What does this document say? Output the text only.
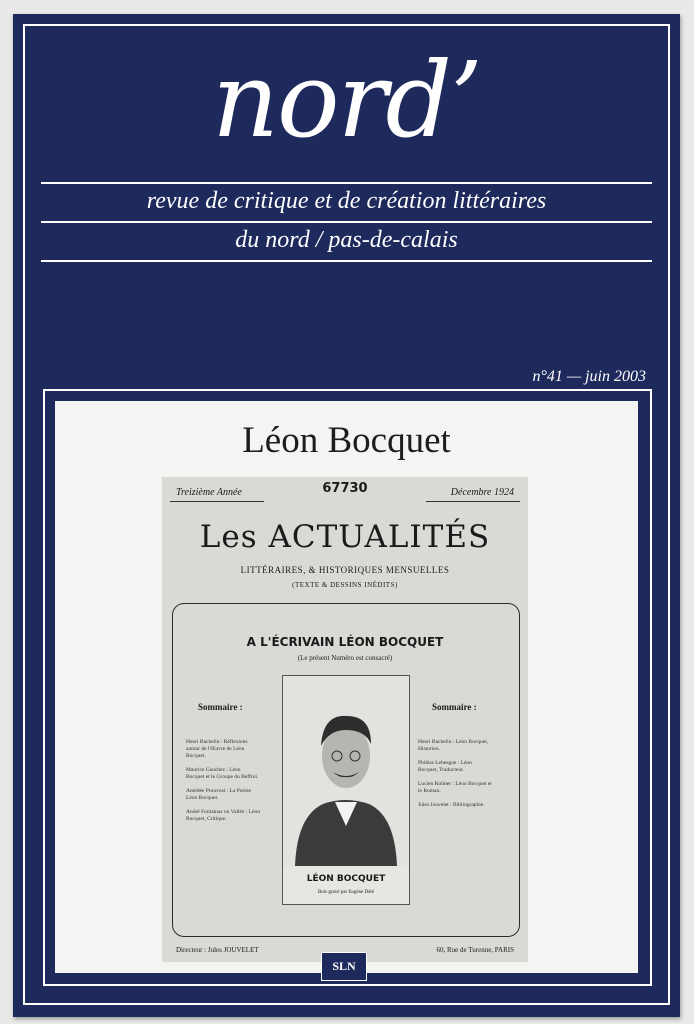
nord’
revue de critique et de création littéraires
du nord / pas-de-calais
n°41 — juin 2003
Léon Bocquet
Treizième Année	67730	Décembre 1924
Les ACTUALITÉS
LITTÉRAIRES, & HISTORIQUES MENSUELLES
(TEXTE & DESSINS INÉDITS)
A L'ÉCRIVAIN LÉON BOCQUET
(Le présent Numéro est consacré)
Sommaire :	Sommaire :

Henri Bachelin : Réflexions autour de l'Œuvre de Léon Bocquet.

Maurice Gauchez : Léon Bocquet et le Groupe du Beffroi.

Amédée Prouvost : La Poésie Léon Bocquet.

André Fontainas ou Vallée : Léon Bocquet, Critique.

Henri Bachelin : Léon Bocquet, Historien.

Philéas Lebesgue : Léon Bocquet, Traducteur.

Lucien Rolmer : Léon Bocquet et le Roman.

Jules Jouvelet : Bibliographie.

LÉON BOCQUET
Bois gravé par Eugène Dété
Directeur : Jules JOUVELET	60, Rue de Turenne, PARIS
SLN
